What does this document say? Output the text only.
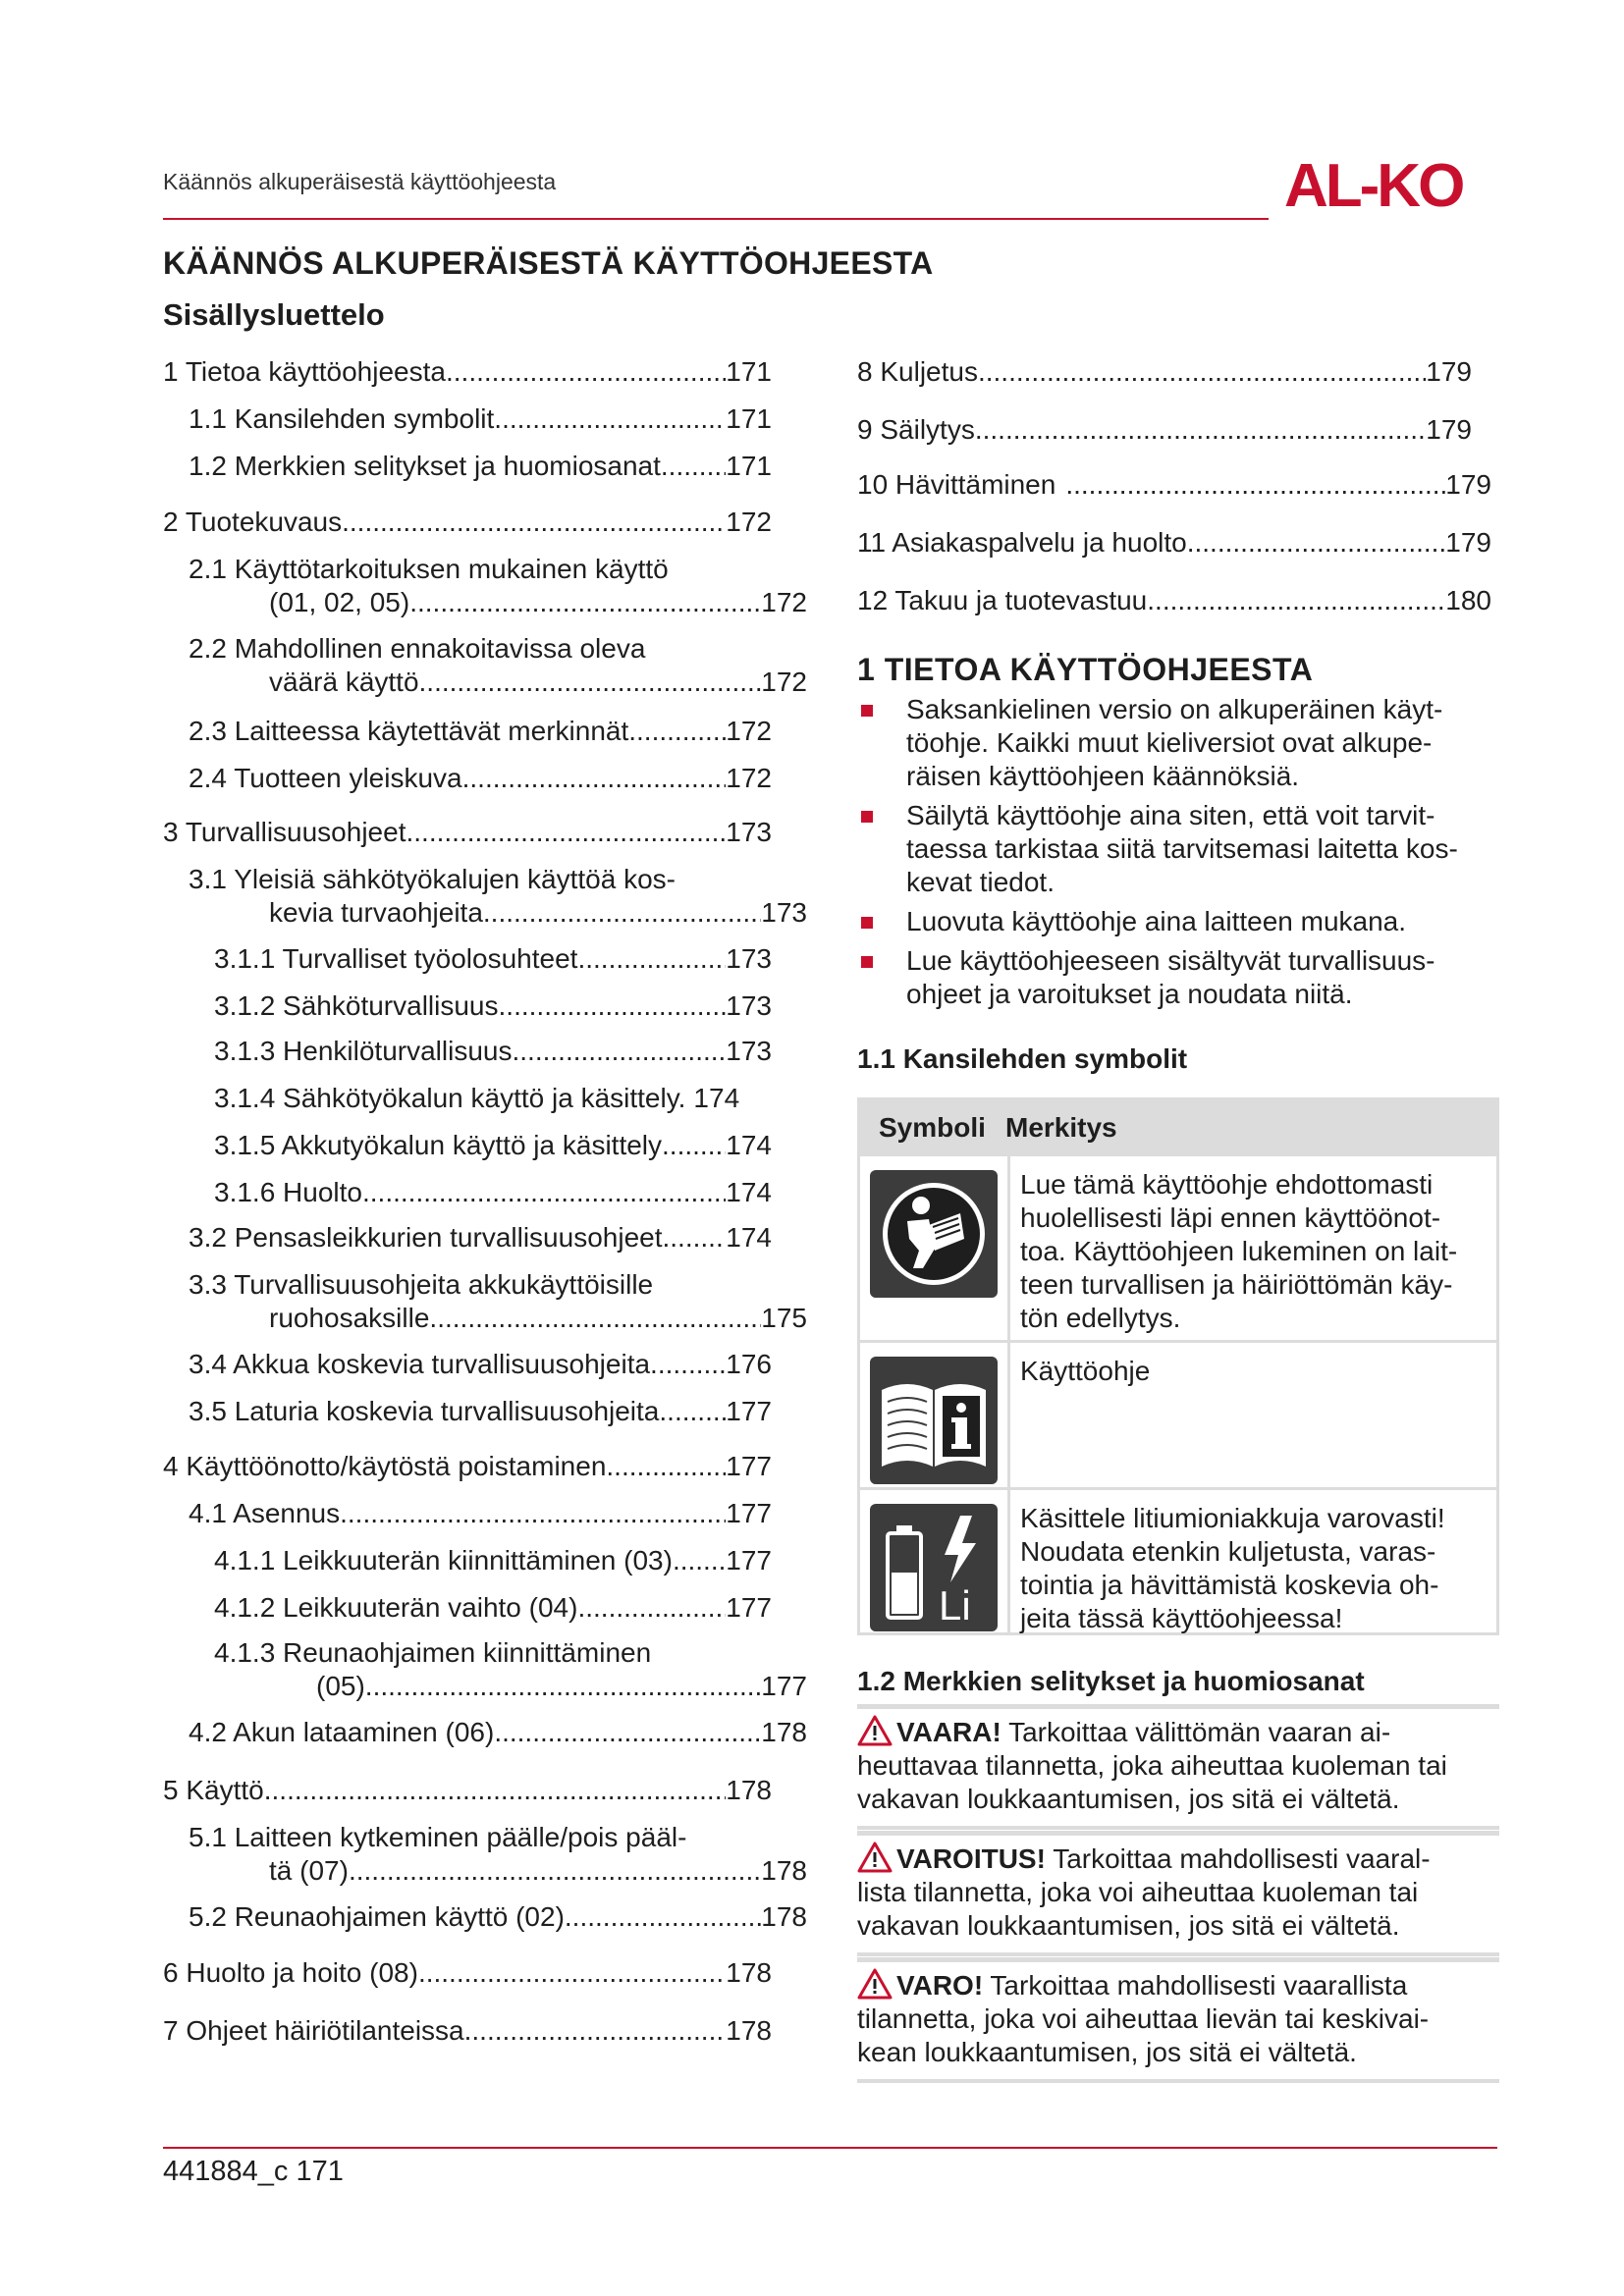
Käännös alkuperäisestä käyttöohjeesta	AL-KO
KÄÄNNÖS ALKUPERÄISESTÄ KÄYTTÖOHJEESTA
Sisällysluettelo
1 Tietoa käyttöohjeesta .....	171
1.1 Kansilehden symbolit .....	171
1.2 Merkkien selitykset ja huomiosanat ..... 171
2 Tuotekuvaus .....	172
2.1 Käyttötarkoituksen mukainen käyttö
(01, 02, 05) .....	172
2.2 Mahdollinen ennakoitavissa oleva
väärä käyttö .....	172
2.3 Laitteessa käytettävät merkinnät .....	172
2.4 Tuotteen yleiskuva .....	172
3 Turvallisuusohjeet .....	173
3.1 Yleisiä sähkötyökalujen käyttöä kos-
kevia turvaohjeita .....	173
3.1.1 Turvalliset työolosuhteet .....	173
3.1.2 Sähköturvallisuus .....	173
3.1.3 Henkilöturvallisuus .....	173
3.1.4 Sähkötyökalun käyttö ja käsittely. 174
3.1.5 Akkutyökalun käyttö ja käsittely ..... 174
3.1.6 Huolto .....	174
3.2 Pensasleikkurien turvallisuusohjeet ..... 174
3.3 Turvallisuusohjeita akkukäyttöisille
ruohosaksille .....	175
3.4 Akkua koskevia turvallisuusohjeita .....	176
3.5 Laturia koskevia turvallisuusohjeita ..... 177
4 Käyttöönotto/käytöstä poistaminen .....	177
4.1 Asennus .....	177
4.1.1 Leikkuuterän kiinnittäminen (03) ..... 177
4.1.2 Leikkuuterän vaihto (04) .....	177
4.1.3 Reunaohjaimen kiinnittäminen
(05) .....	177
4.2 Akun lataaminen (06) .....	178
5 Käyttö .....	178
5.1 Laitteen kytkeminen päälle/pois pääl-
tä (07) .....	178
5.2 Reunaohjaimen käyttö (02) .....	178
6 Huolto ja hoito (08) .....	178
7 Ohjeet häiriötilanteissa .....	178
8 Kuljetus .....	179
9 Säilytys .....	179
10 Hävittäminen .....	179
11 Asiakaspalvelu ja huolto .....	179
12 Takuu ja tuotevastuu .....	180
1 TIETOA KÄYTTÖOHJEESTA
Saksankielinen versio on alkuperäinen käyt-
töohje. Kaikki muut kieliversiot ovat alkupe-
räisen käyttöohjeen käännöksiä.
Säilytä käyttöohje aina siten, että voit tarvit-
taessa tarkistaa siitä tarvitsemasi laitetta kos-
kevat tiedot.
Luovuta käyttöohje aina laitteen mukana.
Lue käyttöohjeeseen sisältyvät turvallisuus-
ohjeet ja varoitukset ja noudata niitä.
1.1 Kansilehden symbolit
Symboli Merkitys
Lue tämä käyttöohje ehdottomasti
huolellisesti läpi ennen käyttöönot-
toa. Käyttöohjeen lukeminen on lait-
teen turvallisen ja häiriöttömän käy-
tön edellytys.
Käyttöohje
Li
Käsittele litiumioniakkuja varovasti!
Noudata etenkin kuljetusta, varas-
tointia ja hävittämistä koskevia oh-
jeita tässä käyttöohjeessa!
1.2 Merkkien selitykset ja huomiosanat
VAARA! Tarkoittaa välittömän vaaran ai-
heuttavaa tilannetta, joka aiheuttaa kuoleman tai
vakavan loukkaantumisen, jos sitä ei vältetä.
VAROITUS! Tarkoittaa mahdollisesti vaaral-
lista tilannetta, joka voi aiheuttaa kuoleman tai
vakavan loukkaantumisen, jos sitä ei vältetä.
VARO! Tarkoittaa mahdollisesti vaarallista
tilannetta, joka voi aiheuttaa lievän tai keskivai-
kean loukkaantumisen, jos sitä ei vältetä.
441884_c 171
